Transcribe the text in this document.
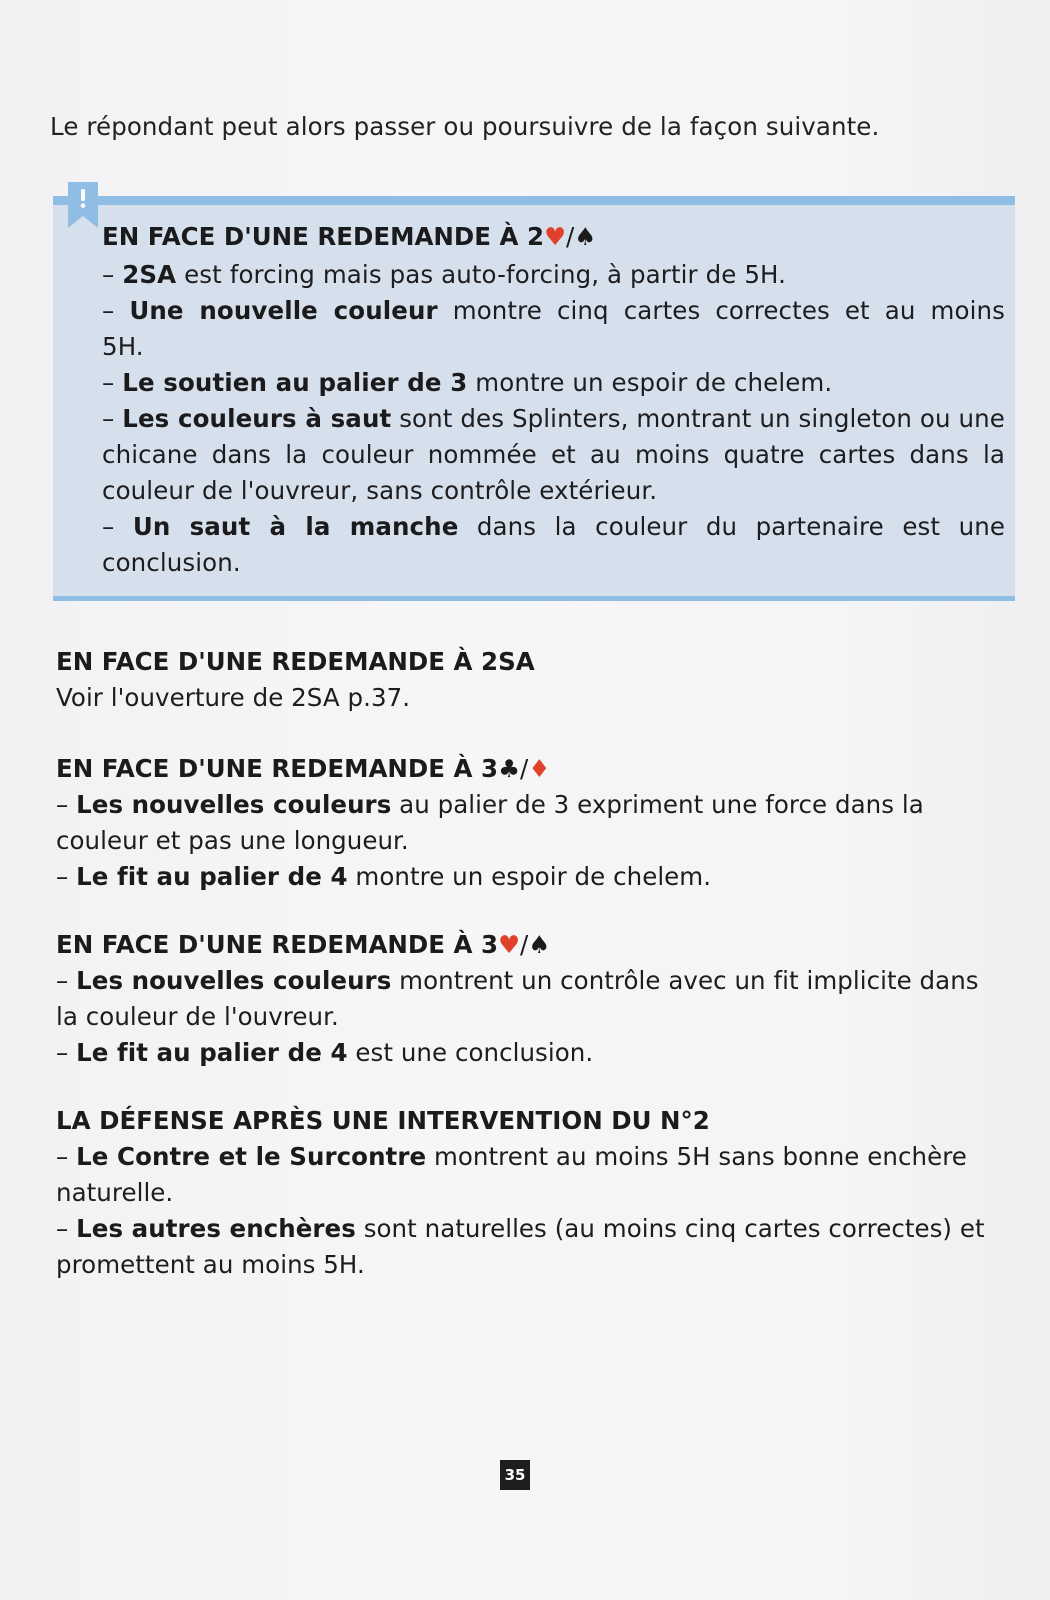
Le répondant peut alors passer ou poursuivre de la façon suivante.

EN FACE D'UNE REDEMANDE À 2♥/♠

– 2SA est forcing mais pas auto-forcing, à partir de 5H.

– Une nouvelle couleur montre cinq cartes correctes et au moins 5H.

– Le soutien au palier de 3 montre un espoir de chelem.

– Les couleurs à saut sont des Splinters, montrant un singleton ou une chicane dans la couleur nommée et au moins quatre cartes dans la couleur de l'ouvreur, sans contrôle extérieur.

– Un saut à la manche dans la couleur du partenaire est une conclusion.

EN FACE D'UNE REDEMANDE À 2SA

Voir l'ouverture de 2SA p.37.

EN FACE D'UNE REDEMANDE À 3♣/♦

– Les nouvelles couleurs au palier de 3 expriment une force dans la couleur et pas une longueur.

– Le fit au palier de 4 montre un espoir de chelem.

EN FACE D'UNE REDEMANDE À 3♥/♠

– Les nouvelles couleurs montrent un contrôle avec un fit implicite dans la couleur de l'ouvreur.

– Le fit au palier de 4 est une conclusion.

LA DÉFENSE APRÈS UNE INTERVENTION DU N°2

– Le Contre et le Surcontre montrent au moins 5H sans bonne enchère naturelle.

– Les autres enchères sont naturelles (au moins cinq cartes correctes) et promettent au moins 5H.

35
